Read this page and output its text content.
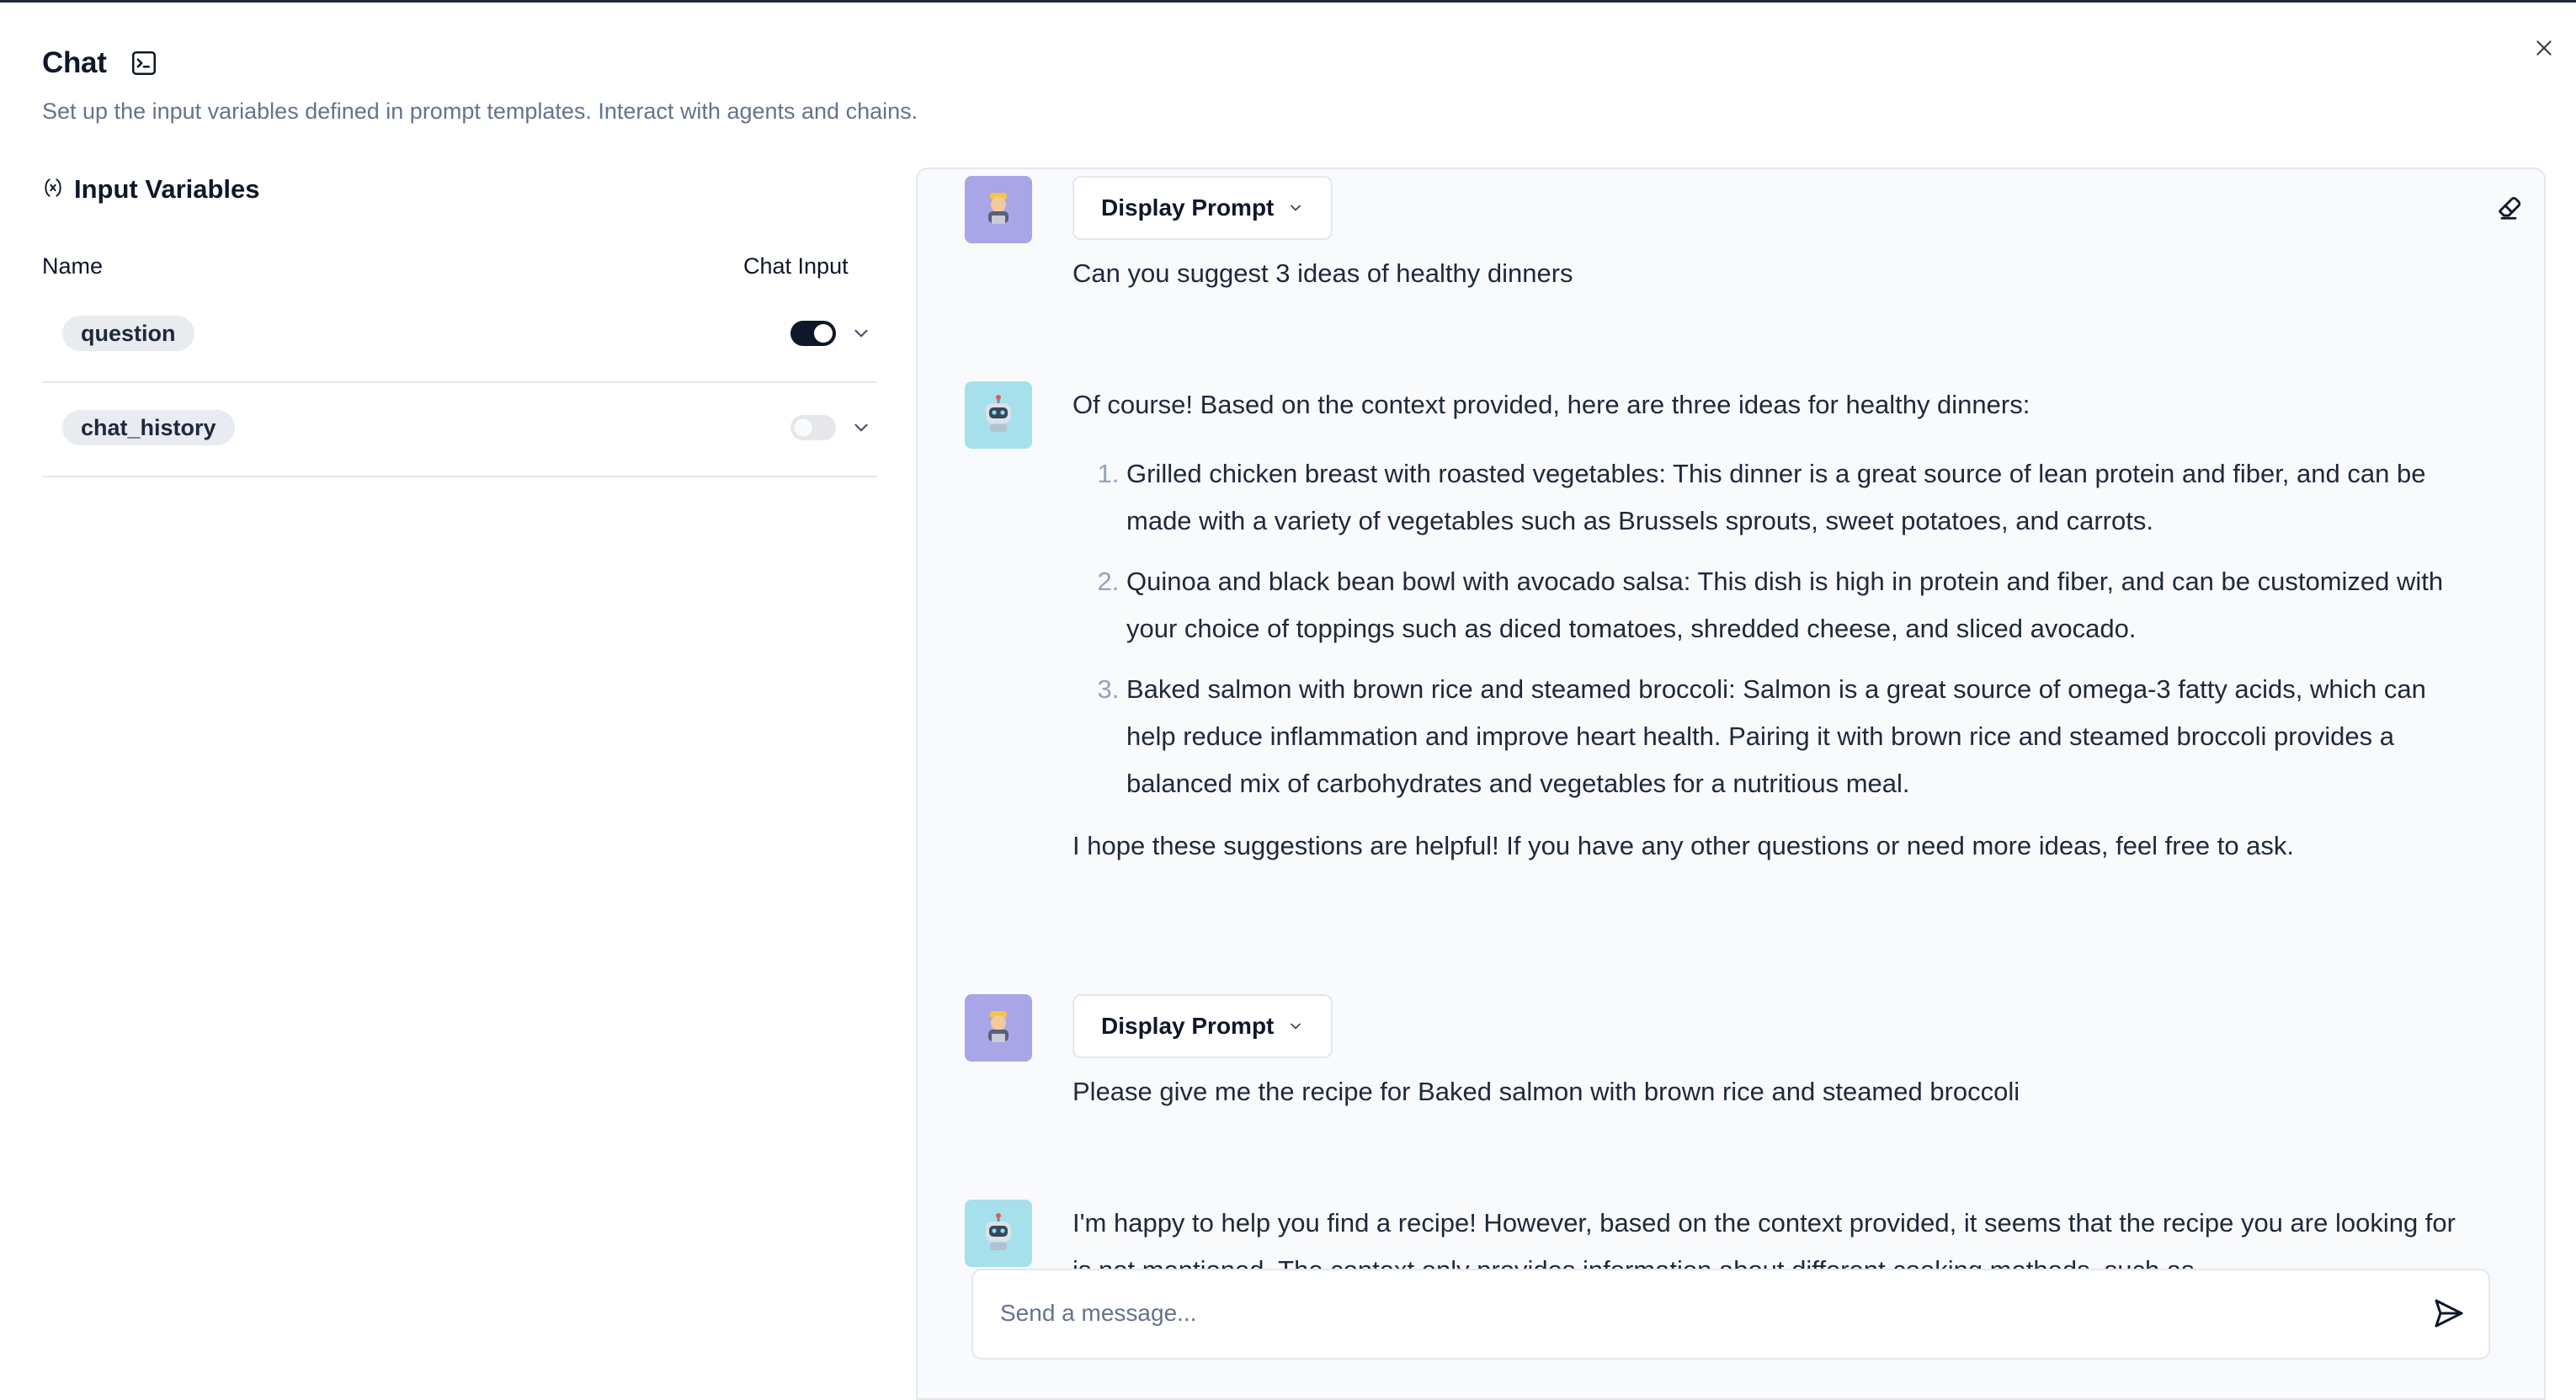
Chat
Set up the input variables defined in prompt templates. Interact with agents and chains.
Input Variables
Name	Chat Input
question
chat_history
Display Prompt

Can you suggest 3 ideas of healthy dinners

Of course! Based on the context provided, here are three ideas for healthy dinners:

1. Grilled chicken breast with roasted vegetables: This dinner is a great source of lean protein and fiber, and can be made with a variety of vegetables such as Brussels sprouts, sweet potatoes, and carrots.
2. Quinoa and black bean bowl with avocado salsa: This dish is high in protein and fiber, and can be customized with your choice of toppings such as diced tomatoes, shredded cheese, and sliced avocado.
3. Baked salmon with brown rice and steamed broccoli: Salmon is a great source of omega-3 fatty acids, which can help reduce inflammation and improve heart health. Pairing it with brown rice and steamed broccoli provides a balanced mix of carbohydrates and vegetables for a nutritious meal.

I hope these suggestions are helpful! If you have any other questions or need more ideas, feel free to ask.

Display Prompt

Please give me the recipe for Baked salmon with brown rice and steamed broccoli

I'm happy to help you find a recipe! However, based on the context provided, it seems that the recipe you are looking for

Send a message...
